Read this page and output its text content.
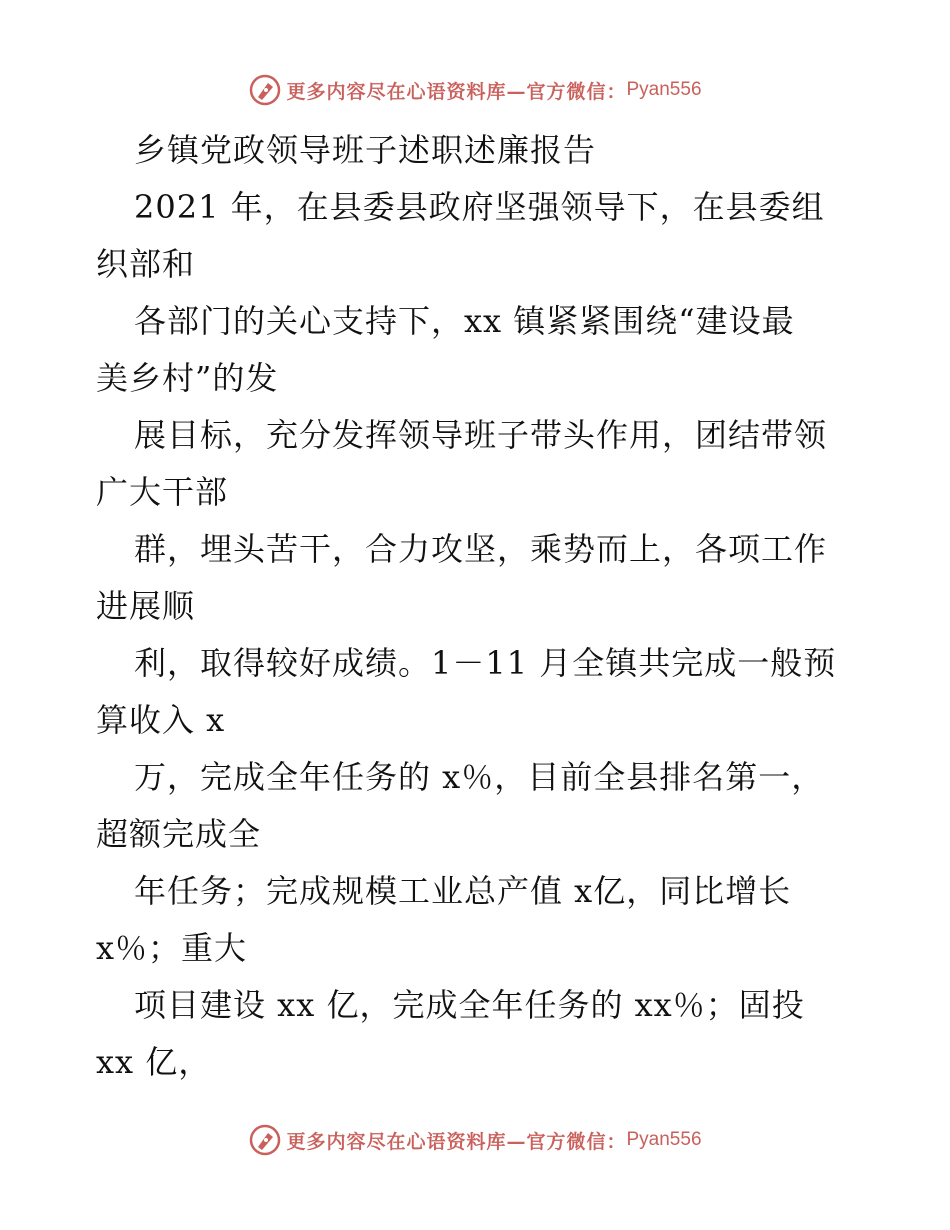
更多内容尽在心语资料库—官方微信： Pyan556
乡镇党政领导班子述职述廉报告
2021 年，在县委县政府坚强领导下，在县委组
织部和
各部门的关心支持下，xx 镇紧紧围绕“建设最
美乡村”的发
展目标，充分发挥领导班子带头作用，团结带领
广大干部
群，埋头苦干，合力攻坚，乘势而上，各项工作
进展顺
利，取得较好成绩。1－11 月全镇共完成一般预
算收入 x
万，完成全年任务的 x％，目前全县排名第一，
超额完成全
年任务；完成规模工业总产值 x亿，同比增长
x％；重大
项目建设 xx 亿，完成全年任务的 xx％；固投
xx 亿，
更多内容尽在心语资料库—官方微信： Pyan556
